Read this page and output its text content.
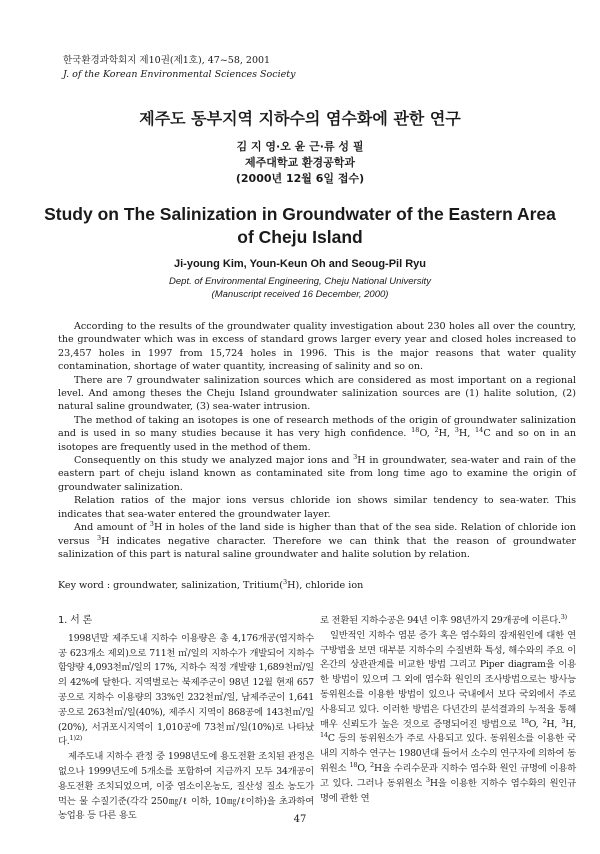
한국환경과학회지 제10권(제1호), 47~58, 2001
J. of the Korean Environmental Sciences Society
제주도 동부지역 지하수의 염수화에 관한 연구
김 지 영·오 윤 근·류 성 필
제주대학교 환경공학과
(2000년 12월 6일 접수)
Study on The Salinization in Groundwater of the Eastern Area
of Cheju Island
Ji-young Kim, Youn-Keun Oh and Seoug-Pil Ryu
Dept. of Environmental Engineering, Cheju National University
(Manuscript received 16 December, 2000)

According to the results of the groundwater quality investigation about 230 holes all over the country, the groundwater which was in excess of standard grows larger every year and closed holes increased to 23,457 holes in 1997 from 15,724 holes in 1996. This is the major reasons that water quality contamination, shortage of water quantity, increasing of salinity and so on.

There are 7 groundwater salinization sources which are considered as most important on a regional level. And among theses the Cheju Island groundwater salinization sources are (1) halite solution, (2) natural saline groundwater, (3) sea-water intrusion.

The method of taking an isotopes is one of research methods of the origin of groundwater salinization and is used in so many studies because it has very high confidence. $^{18}$O, $^2$H, $^3$H, $^{14}$C and so on in an isotopes are frequently used in the method of them.

Consequently on this study we analyzed major ions and $^3$H in groundwater, sea-water and rain of the eastern part of cheju island known as contaminated site from long time ago to examine the origin of groundwater salinization.

Relation ratios of the major ions versus chloride ion shows similar tendency to sea-water. This indicates that sea-water entered the groundwater layer.

And amount of $^3$H in holes of the land side is higher than that of the sea side. Relation of chloride ion versus $^3$H indicates negative character. Therefore we can think that the reason of groundwater salinization of this part is natural saline groundwater and halite solution by relation.

Key word : groundwater, salinization, Tritium($^3$H), chloride ion
1. 서 론

1998년말 제주도내 지하수 이용량은 총 4,176개공(염지하수공 623개소 제외)으로 711천 ㎥/일의 지하수가 개발되어 지하수 함양량 4,093천㎥/일의 17%, 지하수 적정 개발량 1,689천㎥/일의 42%에 달한다. 지역별로는 북제주군이 98년 12월 현재 657공으로 지하수 이용량의 33%인 232천㎥/일, 남제주군이 1,641공으로 263천㎥/일(40%), 제주시 지역이 868공에 143천㎥/일(20%), 서귀포시지역이 1,010공에 73천㎥/일(10%)로 나타났다.$^{1)2)}$

제주도내 지하수 관정 중 1998년도에 용도전환 조치된 관정은 없으나 1999년도에 5개소를 포함하여 지금까지 모두 34개공이 용도전환 조치되었으며, 이중 염소이온농도, 질산성 질소 농도가 먹는 물 수질기준(각각 250㎎/ℓ 이하, 10㎎/ℓ이하)을 초과하여 농업용 등 다른 용도

로 전환된 지하수공은 94년 이후 98년까지 29개공에 이른다.$^{3)}$

일반적인 지하수 염분 증가 혹은 염수화의 잠재원인에 대한 연구방법을 보면 대부분 지하수의 수질변화 특성, 해수와의 주요 이온간의 상관관계를 비교한 방법 그리고 Piper diagram을 이용한 방법이 있으며 그 외에 염수화 원인의 조사방법으로는 방사능 동위원소를 이용한 방법이 있으나 국내에서 보다 국외에서 주로 사용되고 있다. 이러한 방법은 다년간의 분석결과의 누적을 통해 매우 신뢰도가 높은 것으로 증명되어진 방법으로 $^{18}$O, $^2$H, $^3$H, $^{14}$C 등의 동위원소가 주로 사용되고 있다. 동위원소를 이용한 국내의 지하수 연구는 1980년대 들어서 소수의 연구자에 의하여 동위원소 $^{18}$O, $^2$H을 수리수문과 지하수 염수화 원인 규명에 이용하고 있다. 그러나 동위원소 $^3$H을 이용한 지하수 염수화의 원인규명에 관한 연

47
